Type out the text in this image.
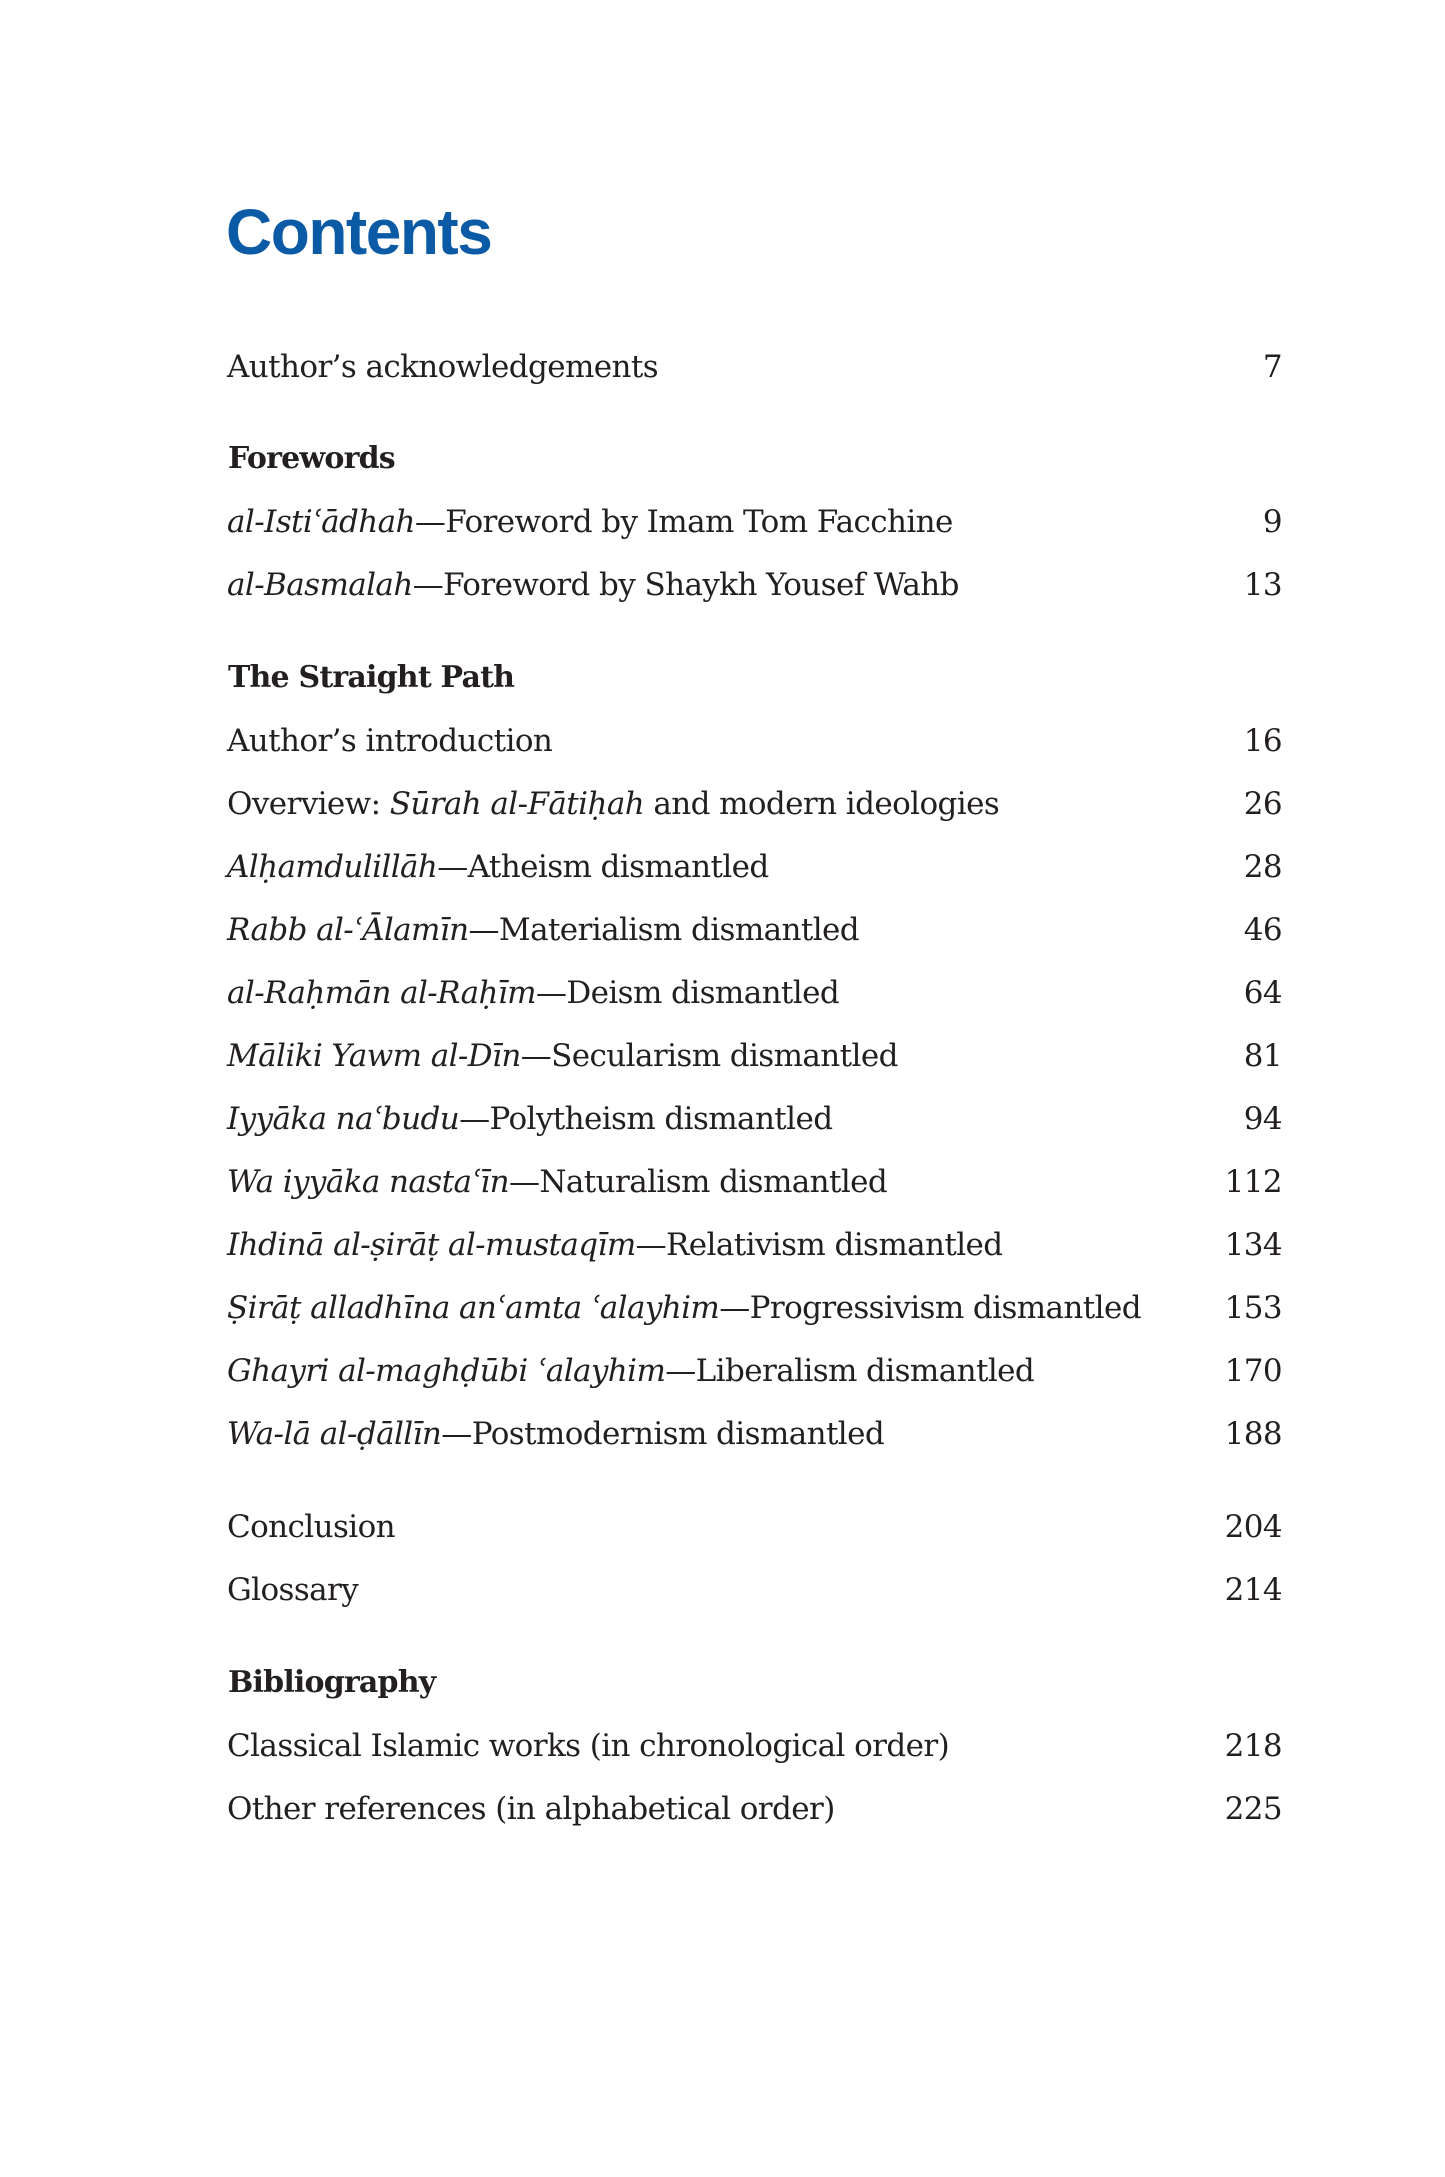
Contents
Author’s acknowledgements	7
Forewords
al-Istiʿādhah—Foreword by Imam Tom Facchine	9
al-Basmalah—Foreword by Shaykh Yousef Wahb	13
The Straight Path
Author’s introduction	16
Overview: Sūrah al-Fātiḥah and modern ideologies	26
Alḥamdulillāh—Atheism dismantled	28
Rabb al-ʿĀlamīn—Materialism dismantled	46
al-Raḥmān al-Raḥīm—Deism dismantled	64
Māliki Yawm al-Dīn—Secularism dismantled	81
Iyyāka naʿbudu—Polytheism dismantled	94
Wa iyyāka nastaʿīn—Naturalism dismantled	112
Ihdinā al-ṣirāṭ al-mustaqīm—Relativism dismantled	134
Ṣirāṭ alladhīna anʿamta ʿalayhim—Progressivism dismantled	153
Ghayri al-maghḍūbi ʿalayhim—Liberalism dismantled	170
Wa-lā al-ḍāllīn—Postmodernism dismantled	188
Conclusion	204
Glossary	214
Bibliography
Classical Islamic works (in chronological order)	218
Other references (in alphabetical order)	225
